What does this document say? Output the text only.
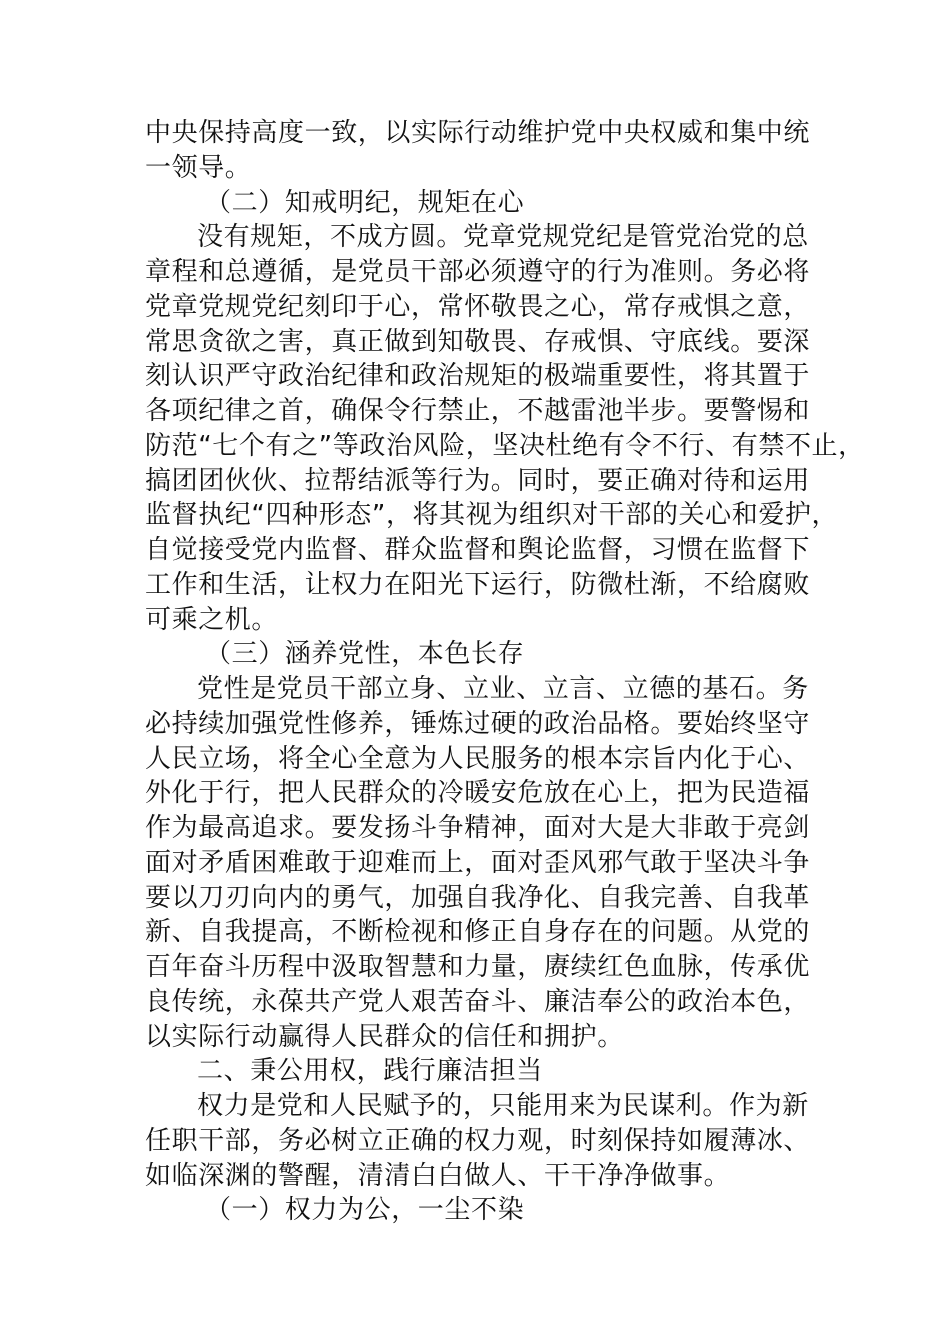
中央保持高度一致，以实际行动维护党中央权威和集中统
一领导。
（二）知戒明纪，规矩在心
没有规矩，不成方圆。党章党规党纪是管党治党的总
章程和总遵循，是党员干部必须遵守的行为准则。务必将
党章党规党纪刻印于心，常怀敬畏之心，常存戒惧之意，
常思贪欲之害，真正做到知敬畏、存戒惧、守底线。要深
刻认识严守政治纪律和政治规矩的极端重要性，将其置于
各项纪律之首，确保令行禁止，不越雷池半步。要警惕和
防范“七个有之”等政治风险，坚决杜绝有令不行、有禁不止，
搞团团伙伙、拉帮结派等行为。同时，要正确对待和运用
监督执纪“四种形态”，将其视为组织对干部的关心和爱护，
自觉接受党内监督、群众监督和舆论监督，习惯在监督下
工作和生活，让权力在阳光下运行，防微杜渐，不给腐败
可乘之机。
（三）涵养党性，本色长存
党性是党员干部立身、立业、立言、立德的基石。务
必持续加强党性修养，锤炼过硬的政治品格。要始终坚守
人民立场，将全心全意为人民服务的根本宗旨内化于心、
外化于行，把人民群众的冷暖安危放在心上，把为民造福
作为最高追求。要发扬斗争精神，面对大是大非敢于亮剑
面对矛盾困难敢于迎难而上，面对歪风邪气敢于坚决斗争
要以刀刃向内的勇气，加强自我净化、自我完善、自我革
新、自我提高，不断检视和修正自身存在的问题。从党的
百年奋斗历程中汲取智慧和力量，赓续红色血脉，传承优
良传统，永葆共产党人艰苦奋斗、廉洁奉公的政治本色，
以实际行动赢得人民群众的信任和拥护。
二、秉公用权，践行廉洁担当
权力是党和人民赋予的，只能用来为民谋利。作为新
任职干部，务必树立正确的权力观，时刻保持如履薄冰、
如临深渊的警醒，清清白白做人、干干净净做事。
（一）权力为公，一尘不染
